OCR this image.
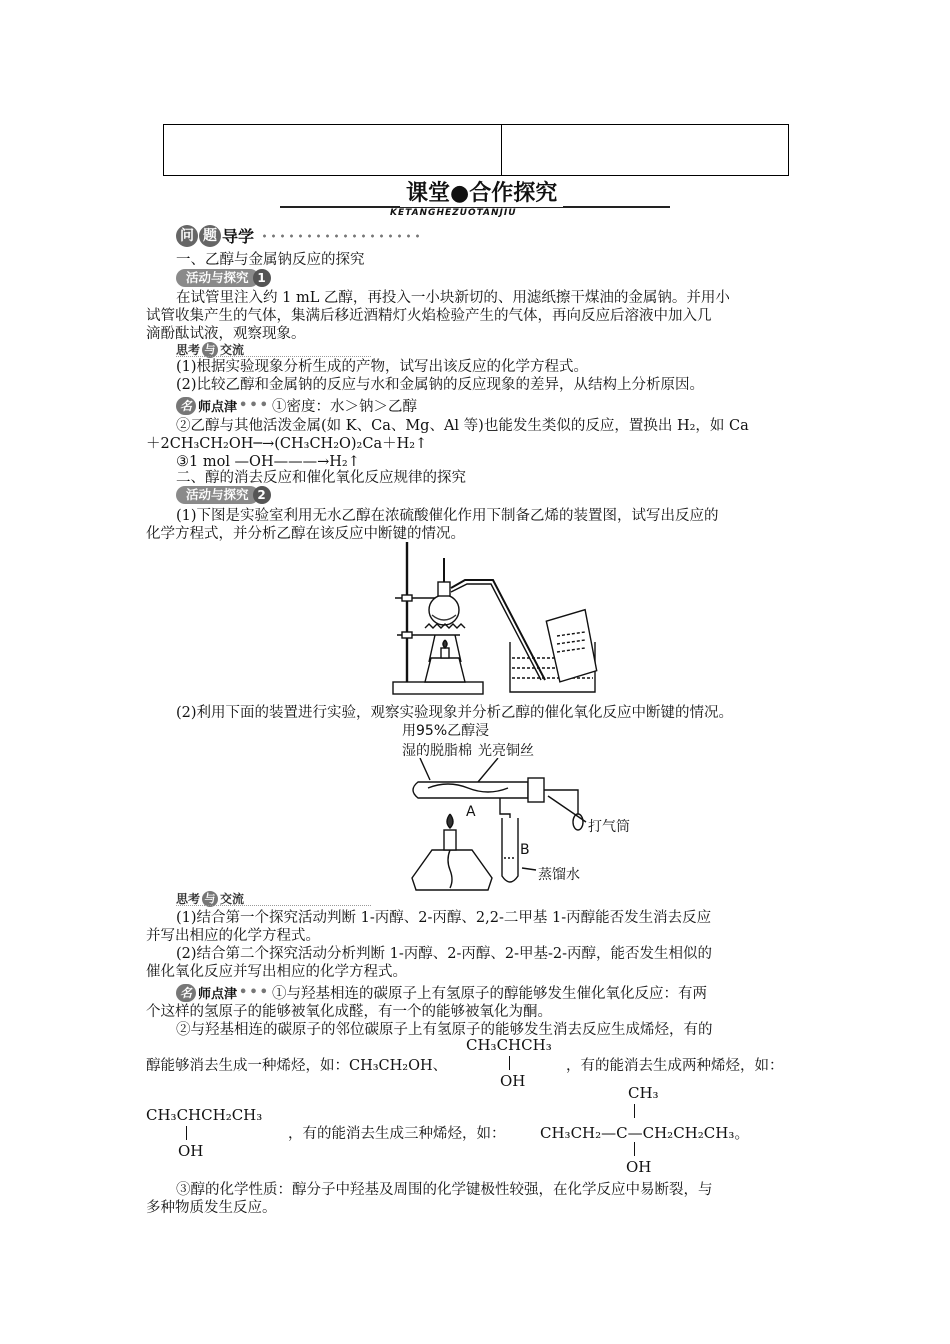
课堂●合作探究
KETANGHEZUOTANJIU
问 题 导学
一、乙醇与金属钠反应的探究
活动与探究 1
在试管里注入约 1 mL 乙醇，再投入一小块新切的、用滤纸擦干煤油的金属钠。并用小
试管收集产生的气体，集满后移近酒精灯火焰检验产生的气体，再向反应后溶液中加入几
滴酚酞试液，观察现象。
思考 与 交流
(1)根据实验现象分析生成的产物，试写出该反应的化学方程式。
(2)比较乙醇和金属钠的反应与水和金属钠的反应现象的差异，从结构上分析原因。
名 师点津 ••• ①密度：水＞钠＞乙醇
②乙醇与其他活泼金属(如 K、Ca、Mg、Al 等)也能发生类似的反应，置换出 H₂，如 Ca
＋2CH₃CH₂OH─→(CH₃CH₂O)₂Ca＋H₂↑
③1 mol —OH———→H₂↑
二、醇的消去反应和催化氧化反应规律的探究
活动与探究 2
(1)下图是实验室利用无水乙醇在浓硫酸催化作用下制备乙烯的装置图，试写出反应的
化学方程式，并分析乙醇在该反应中断键的情况。
(2)利用下面的装置进行实验，观察实验现象并分析乙醇的催化氧化反应中断键的情况。
用95%乙醇浸
湿的脱脂棉 光亮铜丝
A
B
打气筒
蒸馏水
思考 与 交流
(1)结合第一个探究活动判断 1-丙醇、2-丙醇、2,2-二甲基 1-丙醇能否发生消去反应
并写出相应的化学方程式。
(2)结合第二个探究活动分析判断 1-丙醇、2-丙醇、2-甲基-2-丙醇，能否发生相似的
催化氧化反应并写出相应的化学方程式。
名 师点津 ••• ①与羟基相连的碳原子上有氢原子的醇能够发生催化氧化反应：有两
个这样的氢原子的能够被氧化成醛，有一个的能够被氧化为酮。
②与羟基相连的碳原子的邻位碳原子上有氢原子的能够发生消去反应生成烯烃，有的
CH₃CHCH₃
醇能够消去生成一种烯烃，如：CH₃CH₂OH、	，有的能消去生成两种烯烃，如：
OH
CH₃CHCH₂CH₃
OH
，有的能消去生成三种烯烃，如：
CH₃
CH₃CH₂—C—CH₂CH₂CH₃。
OH
③醇的化学性质：醇分子中羟基及周围的化学键极性较强，在化学反应中易断裂，与
多种物质发生反应。
